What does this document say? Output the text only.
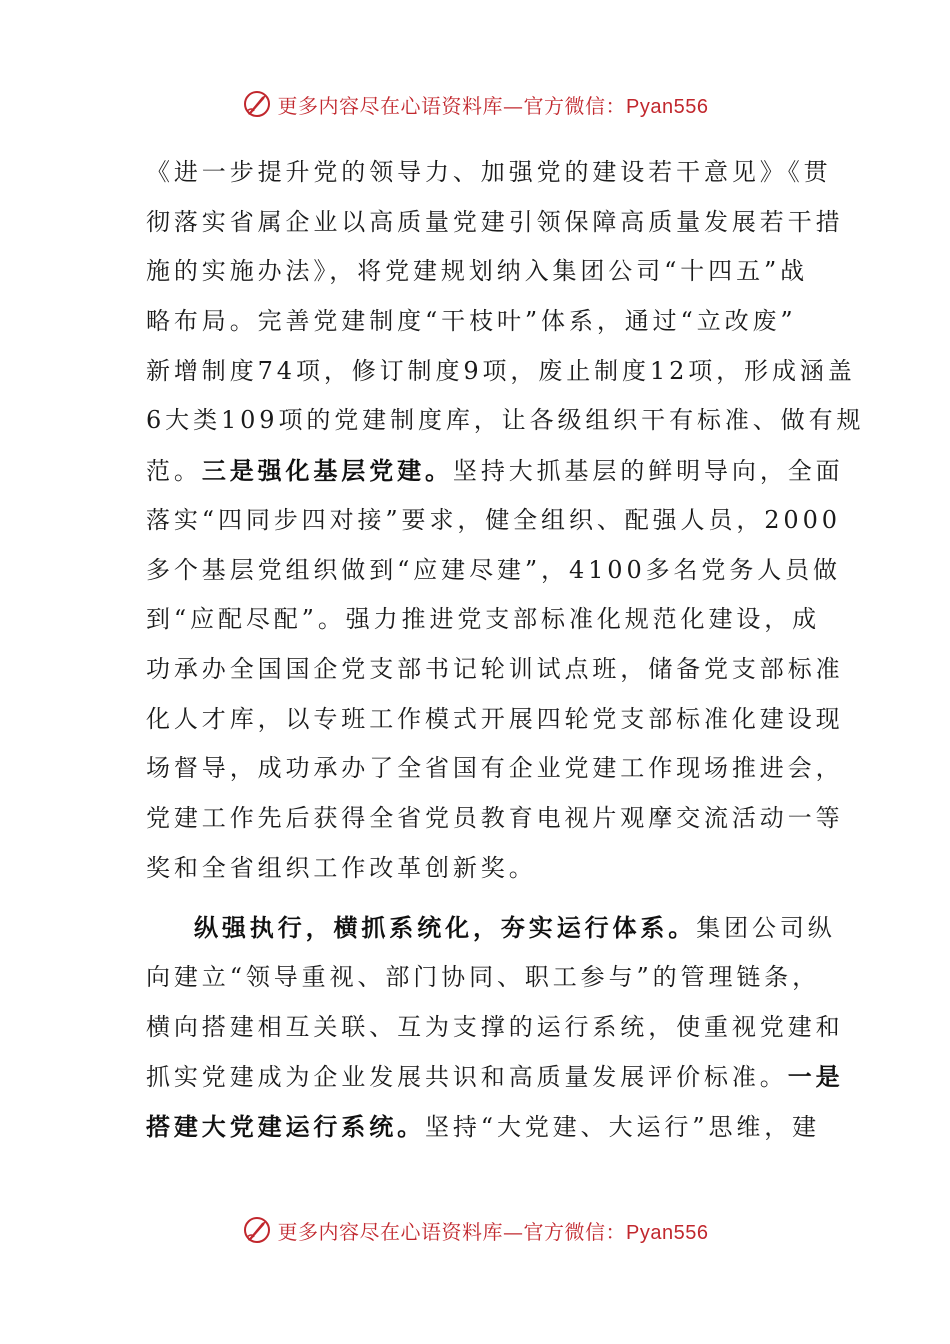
更多内容尽在心语资料库—官方微信：Pyan556
《进一步提升党的领导力、加强党的建设若干意见》《贯
彻落实省属企业以高质量党建引领保障高质量发展若干措
施的实施办法》，将党建规划纳入集团公司“十四五”战
略布局。完善党建制度“干枝叶”体系，通过“立改废”
新增制度74项，修订制度9项，废止制度12项，形成涵盖
6大类109项的党建制度库，让各级组织干有标准、做有规
范。三是强化基层党建。坚持大抓基层的鲜明导向，全面
落实“四同步四对接”要求，健全组织、配强人员，2000
多个基层党组织做到“应建尽建”，4100多名党务人员做
到“应配尽配”。强力推进党支部标准化规范化建设，成
功承办全国国企党支部书记轮训试点班，储备党支部标准
化人才库，以专班工作模式开展四轮党支部标准化建设现
场督导，成功承办了全省国有企业党建工作现场推进会，
党建工作先后获得全省党员教育电视片观摩交流活动一等
奖和全省组织工作改革创新奖。
纵强执行，横抓系统化，夯实运行体系。集团公司纵
向建立“领导重视、部门协同、职工参与”的管理链条，
横向搭建相互关联、互为支撑的运行系统，使重视党建和
抓实党建成为企业发展共识和高质量发展评价标准。一是
搭建大党建运行系统。坚持“大党建、大运行”思维，建
更多内容尽在心语资料库—官方微信：Pyan556
